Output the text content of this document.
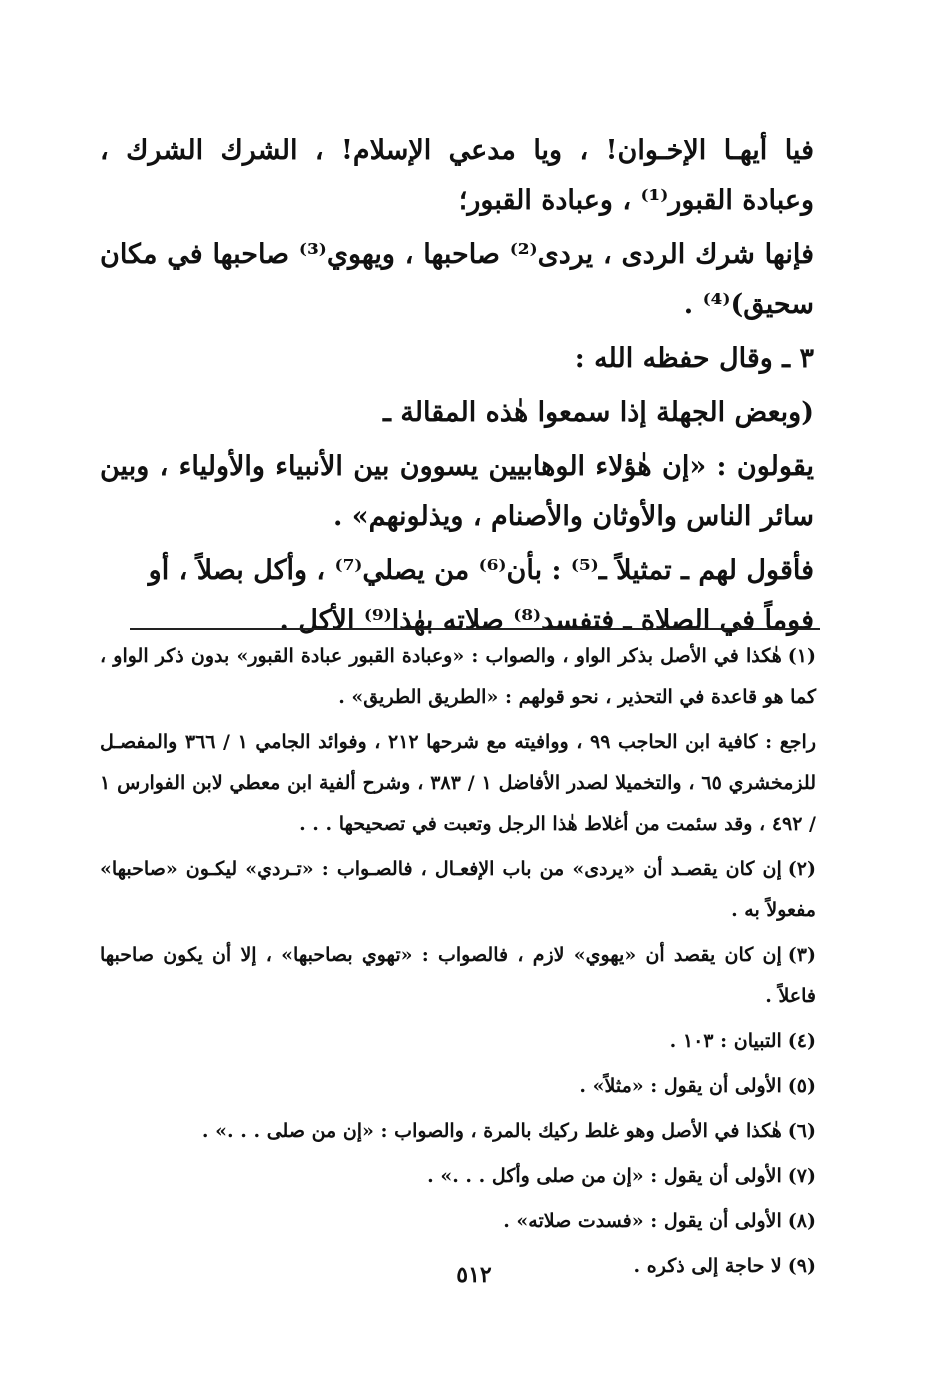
فيا أيهـا الإخـوان! ، ويا مدعي الإسلام! ، الشرك الشرك ، وعبادة القبور⁽¹⁾ ، وعبادة القبور؛

فإنها شرك الردى ، يردى⁽²⁾ صاحبها ، ويهوي⁽³⁾ صاحبها في مكان سحيق)⁽⁴⁾ .

٣ ـ وقال حفظه الله :

(وبعض الجهلة إذا سمعوا هٰذه المقالة ـ

يقولون : «إن هٰؤلاء الوهابيين يسوون بين الأنبياء والأولياء ، وبين سائر الناس والأوثان والأصنام ، ويذلونهم» .

فأقول لهم ـ تمثيلاً ـ⁽⁵⁾ : بأن⁽⁶⁾ من يصلي⁽⁷⁾ ، وأكل بصلاً ، أو فوماً في الصلاة ـ فتفسد⁽⁸⁾ صلاته بهٰذا⁽⁹⁾ الأكل .

(١)هٰكذا في الأصل بذكر الواو ، والصواب : «وعبادة القبور عبادة القبور» بدون ذكر الواو ، كما هو قاعدة في التحذير ، نحو قولهم : «الطريق الطريق» .

راجع : كافية ابن الحاجب ٩٩ ، ووافيته مع شرحها ٢١٢ ، وفوائد الجامي ١ / ٣٦٦ والمفصـل للزمخشري ٦٥ ، والتخميلا لصدر الأفاضل ١ / ٣٨٣ ، وشرح ألفية ابن معطي لابن الفوارس ١ / ٤٩٢ ، وقد سئمت من أغلاط هٰذا الرجل وتعبت في تصحيحها . . .

(٢)إن كان يقصـد أن «يردى» من باب الإفعـال ، فالصـواب : «تـردي» ليكـون «صاحبها» مفعولاً به .

(٣)إن كان يقصد أن «يهوي» لازم ، فالصواب : «تهوي بصاحبها» ، إلا أن يكون صاحبها فاعلاً .

(٤)التبيان : ١٠٣ .

(٥)الأولى أن يقول : «مثلاً» .

(٦)هٰكذا في الأصل وهو غلط ركيك بالمرة ، والصواب : «إن من صلى . . .» .

(٧)الأولى أن يقول : «إن من صلى وأكل . . .» .

(٨)الأولى أن يقول : «فسدت صلاته» .

(٩)لا حاجة إلى ذكره .

٥١٢
